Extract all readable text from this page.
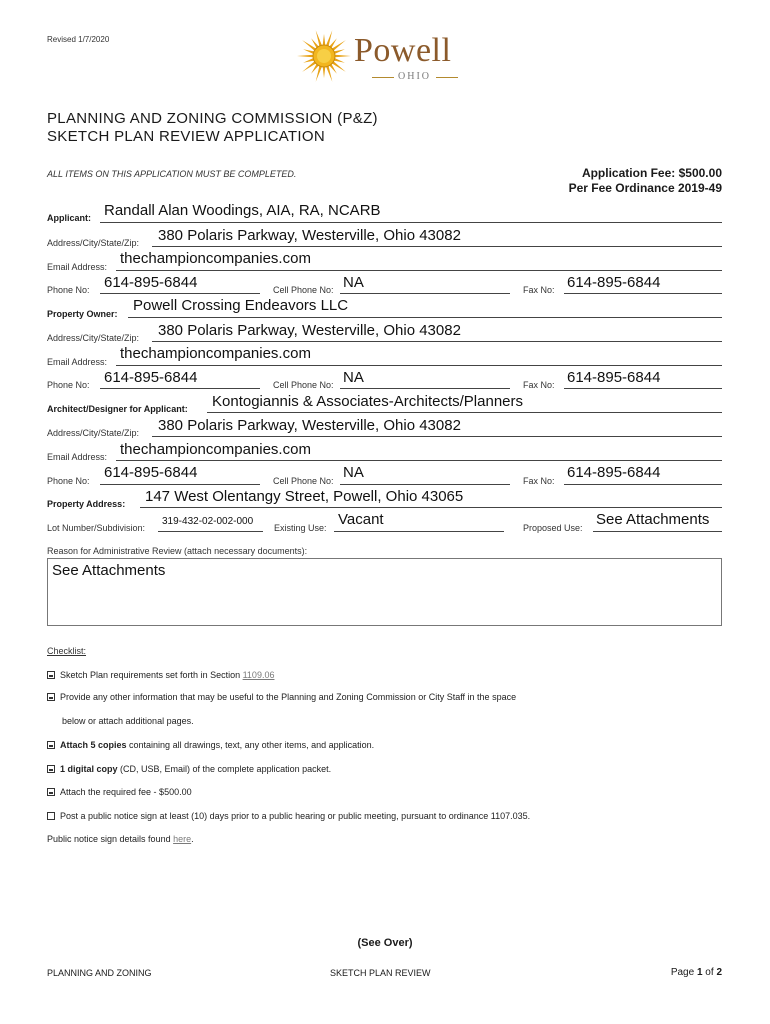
Revised 1/7/2020	Powell
OHIO
PLANNING AND ZONING COMMISSION (P&Z)
SKETCH PLAN REVIEW APPLICATION
ALL ITEMS ON THIS APPLICATION MUST BE COMPLETED.	Application Fee: $500.00
Per Fee Ordinance 2019-49
Applicant: Randall Alan Woodings, AIA, RA, NCARB
Address/City/State/Zip: 380 Polaris Parkway, Westerville, Ohio 43082
Email Address: thechampioncompanies.com
Phone No: 614-895-6844	Cell Phone No: NA	Fax No: 614-895-6844
Property Owner: Powell Crossing Endeavors LLC
Address/City/State/Zip: 380 Polaris Parkway, Westerville, Ohio 43082
Email Address: thechampioncompanies.com
Phone No: 614-895-6844	Cell Phone No: NA	Fax No: 614-895-6844
Architect/Designer for Applicant: Kontogiannis & Associates-Architects/Planners
Address/City/State/Zip: 380 Polaris Parkway, Westerville, Ohio 43082
Email Address: thechampioncompanies.com
Phone No: 614-895-6844	Cell Phone No: NA	Fax No: 614-895-6844
Property Address: 147 West Olentangy Street, Powell, Ohio 43065
Lot Number/Subdivision:
319-432-02-002-000
Existing Use: Vacant	Proposed Use: See Attachments
Reason for Administrative Review (attach necessary documents):
See Attachments
Checklist:
Sketch Plan requirements set forth in Section 1109.06
Provide any other information that may be useful to the Planning and Zoning Commission or City Staff in the space
below or attach additional pages.
Attach 5 copies containing all drawings, text, any other items, and application.
1 digital copy (CD, USB, Email) of the complete application packet.
Attach the required fee - $500.00
Post a public notice sign at least (10) days prior to a public hearing or public meeting, pursuant to ordinance 1107.035.
Public notice sign details found here.
(See Over)
PLANNING AND ZONING	SKETCH PLAN REVIEW	Page 1 of 2
